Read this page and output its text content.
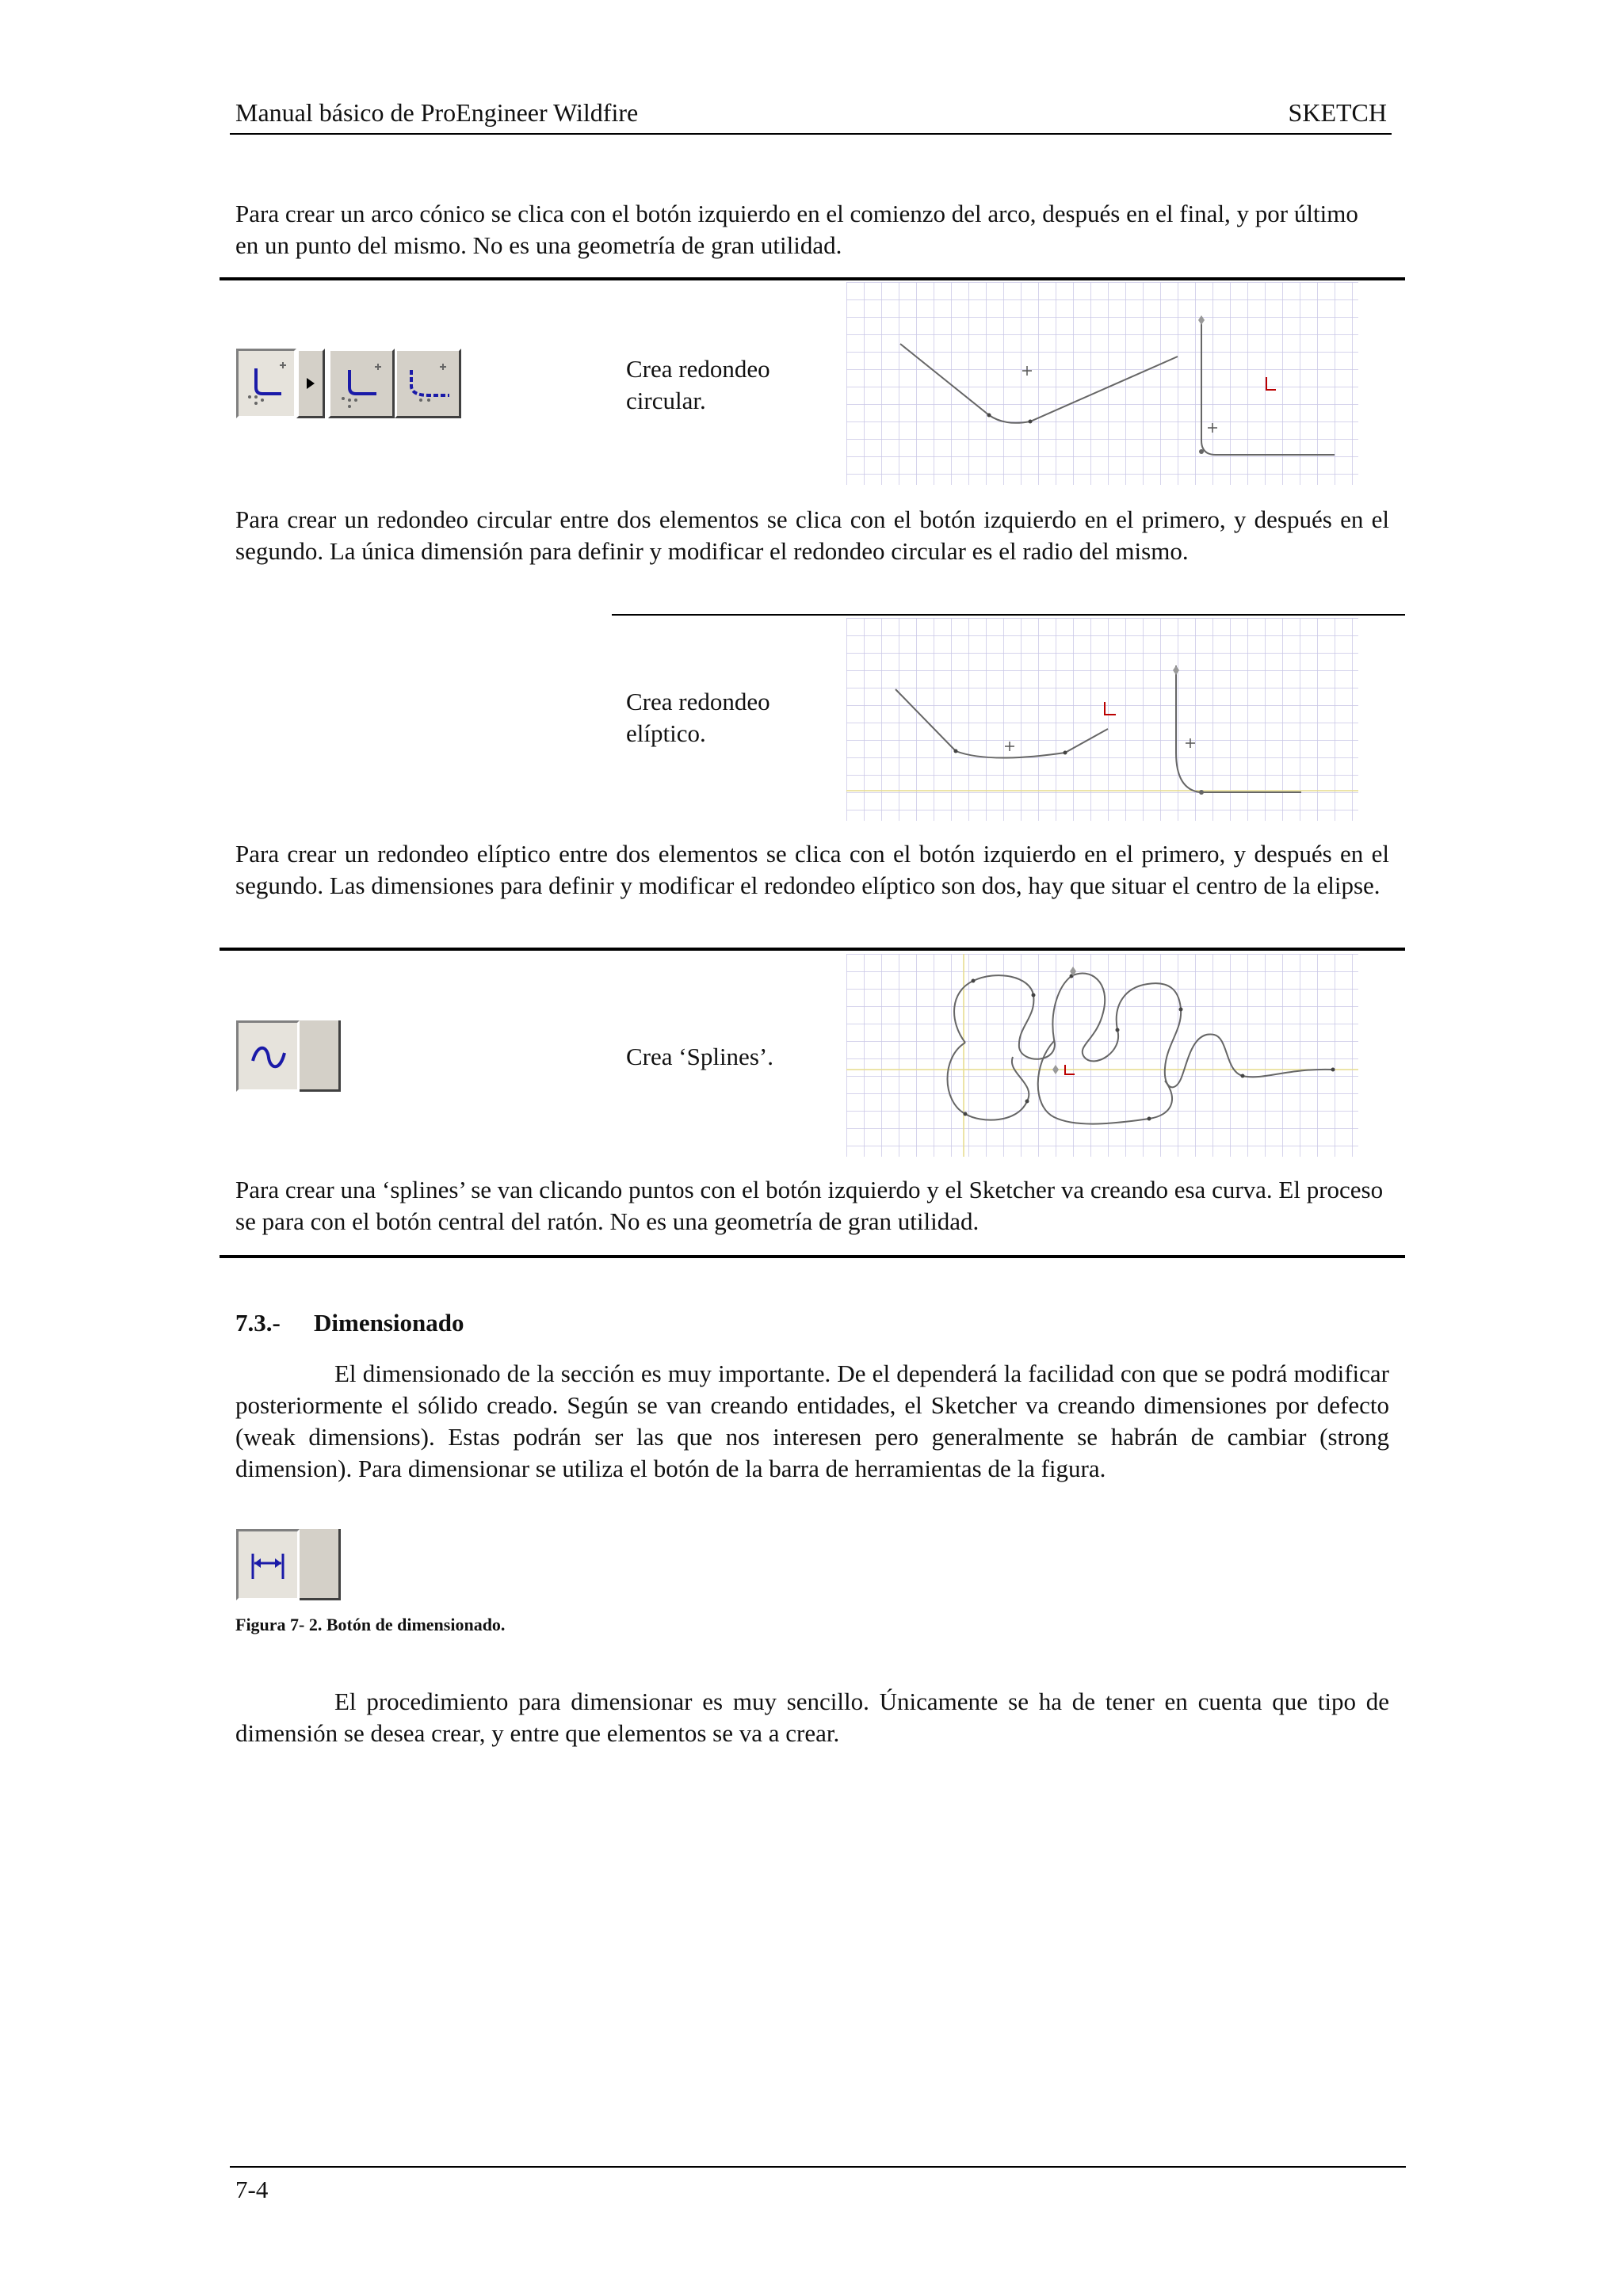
Manual básico de ProEngineer Wildfire	SKETCH
Para crear un arco cónico se clica con el botón izquierdo en el comienzo del arco, después en el final, y por último en un punto del mismo. No es una geometría de gran utilidad.
Crea redondeo
circular.
Para crear un redondeo circular entre dos elementos se clica con el botón izquierdo en el primero, y después en el segundo. La única dimensión para definir y modificar el redondeo circular es el radio del mismo.
Crea redondeo
elíptico.
Para crear un redondeo elíptico entre dos elementos se clica con el botón izquierdo en el primero, y después en el segundo. Las dimensiones para definir y modificar el redondeo elíptico son dos, hay que situar el centro de la elipse.
Crea ‘Splines’.
Para crear una ‘splines’ se van clicando puntos con el botón izquierdo y el Sketcher va creando esa curva. El proceso se para con el botón central del ratón. No es una geometría de gran utilidad.
7.3.- Dimensionado
El dimensionado de la sección es muy importante. De el dependerá la facilidad con que se podrá modificar posteriormente el sólido creado. Según se van creando entidades, el Sketcher va creando dimensiones por defecto (weak dimensions). Estas podrán ser las que nos interesen pero generalmente se habrán de cambiar (strong dimension). Para dimensionar se utiliza el botón de la barra de herramientas de la figura.
Figura 7- 2. Botón de dimensionado.
El procedimiento para dimensionar es muy sencillo. Únicamente se ha de tener en cuenta que tipo de dimensión se desea crear, y entre que elementos se va a crear.
7-4
